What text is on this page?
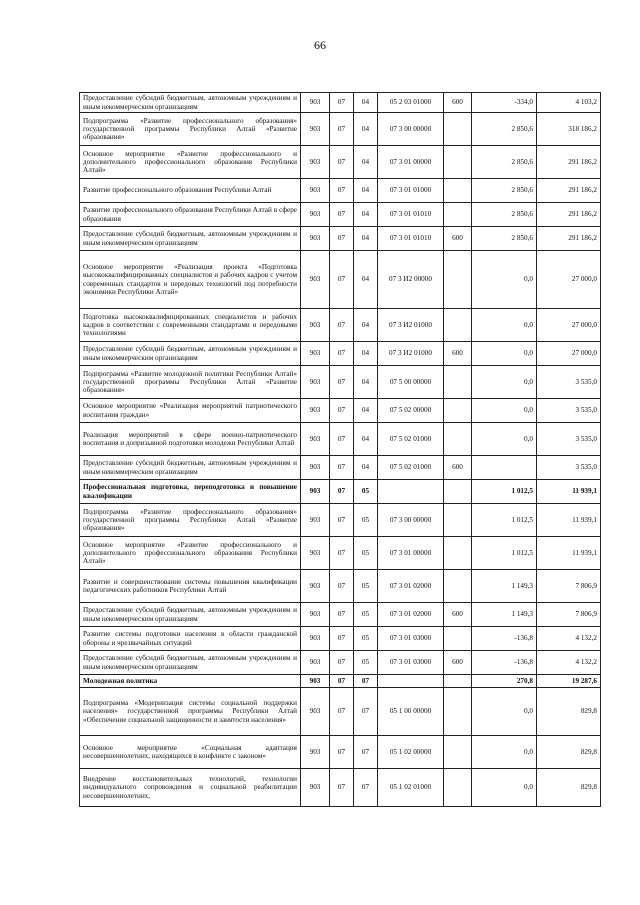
66
Предоставление субсидий бюджетным, автономным учреждениям и иным некоммерческим организациям	903	07	04	05 2 03 01000	600	-334,0	4 103,2
Подпрограмма «Развитие профессионального образования» государственной программы Республики Алтай «Развитие образования»	903	07	04	07 3 00 00000		2 850,6	318 186,2
Основное мероприятие «Развитие профессионального и дополнительного профессионального образования Республики Алтай»	903	07	04	07 3 01 00000		2 850,6	291 186,2
Развитие профессионального образования Республики Алтай	903	07	04	07 3 01 01000		2 850,6	291 186,2
Развитие профессионального образования Республики Алтай в сфере образования	903	07	04	07 3 01 01010		2 850,6	291 186,2
Предоставление субсидий бюджетным, автономным учреждениям и иным некоммерческим организациям	903	07	04	07 3 01 01010	600	2 850,6	291 186,2
Основное мероприятие «Реализация проекта «Подготовка высококвалифицированных специалистов и рабочих кадров с учетом современных стандартов и передовых технологий под потребности экономики Республики Алтай»	903	07	04	07 3 И2 00000		0,0	27 000,0
Подготовка высококвалифицированных специалистов и рабочих кадров в соответствии с современными стандартами и передовыми технологиями	903	07	04	07 3 И2 01000		0,0	27 000,0
Предоставление субсидий бюджетным, автономным учреждениям и иным некоммерческим организациям	903	07	04	07 3 И2 01000	600	0,0	27 000,0
Подпрограмма «Развитие молодежной политики Республики Алтай» государственной программы Республики Алтай «Развитие образования»	903	07	04	07 5 00 00000		0,0	3 535,0
Основное мероприятие «Реализация мероприятий патриотического воспитания граждан»	903	07	04	07 5 02 00000		0,0	3 535,0
Реализация мероприятий в сфере военно-патриотического воспитания и допризывной подготовки молодежи Республики Алтай	903	07	04	07 5 02 01000		0,0	3 535,0
Предоставление субсидий бюджетным, автономным учреждениям и иным некоммерческим организациям	903	07	04	07 5 02 01000	600		3 535,0
Профессиональная подготовка, переподготовка и повышение квалификации	903	07	05			1 012,5	11 939,1
Подпрограмма «Развитие профессионального образования» государственной программы Республики Алтай «Развитие образования»	903	07	05	07 3 00 00000		1 012,5	11 939,1
Основное мероприятие «Развитие профессионального и дополнительного профессионального образования Республики Алтай»	903	07	05	07 3 01 00000		1 012,5	11 939,1
Развитие и совершенствование системы повышения квалификации педагогических работников Республики Алтай	903	07	05	07 3 01 02000		1 149,3	7 806,9
Предоставление субсидий бюджетным, автономным учреждениям и иным некоммерческим организациям	903	07	05	07 3 01 02000	600	1 149,3	7 806,9
Развитие системы подготовки населения в области гражданской обороны и чрезвычайных ситуаций	903	07	05	07 3 01 03000		-136,8	4 132,2
Предоставление субсидий бюджетным, автономным учреждениям и иным некоммерческим организациям	903	07	05	07 3 01 03000	600	-136,8	4 132,2
Молодежная политика	903	07	07			270,8	19 287,6
Подпрограмма «Модернизация системы социальной поддержки населения» государственной программы Республики Алтай «Обеспечение социальной защищенности и занятости населения»	903	07	07	05 1 00 00000		0,0	829,8
Основное мероприятие «Социальная адаптация несовершеннолетних, находящихся в конфликте с законом»	903	07	07	05 1 02 00000		0,0	829,8
Внедрение восстановительных технологий, технологии индивидуального сопровождения и социальной реабилитации несовершеннолетних,	903	07	07	05 1 02 01000		0,0	829,8
